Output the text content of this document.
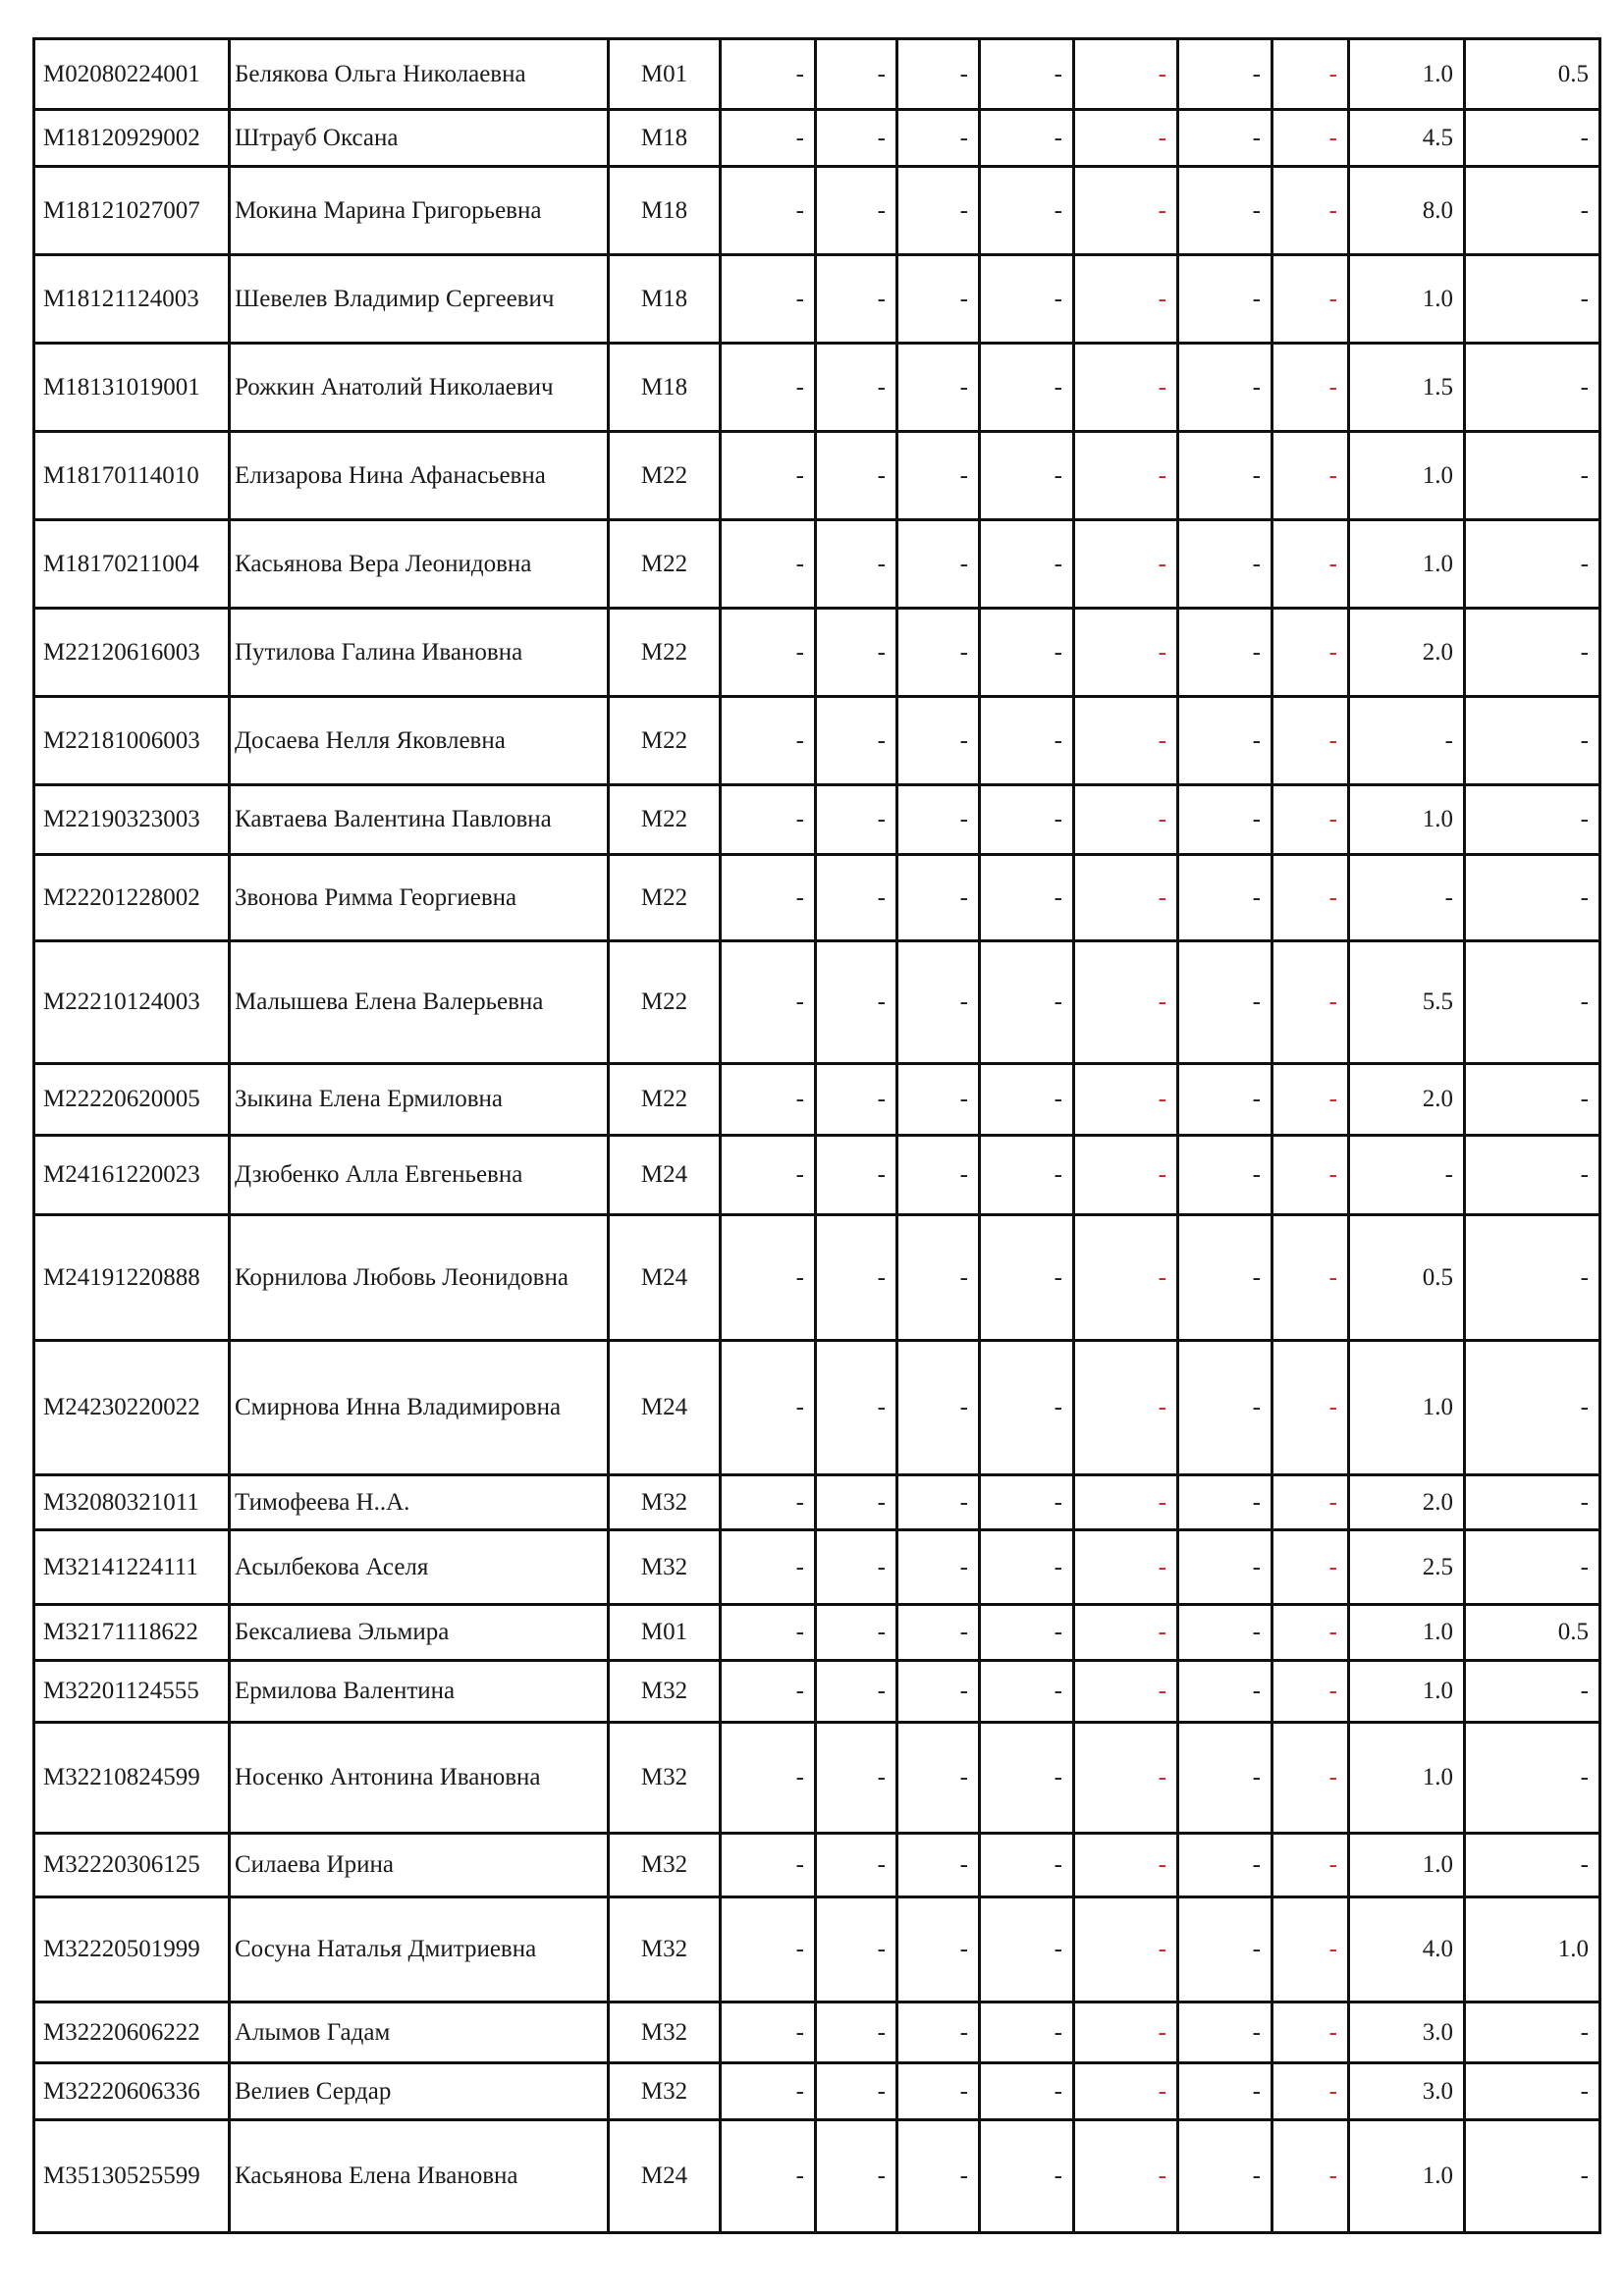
M02080224001	Белякова Ольга Николаевна	M01	-	-	-	-	-	-	-	1.0	0.5
M18120929002	Штрауб Оксана	M18	-	-	-	-	-	-	-	4.5	-
M18121027007	Мокина Марина Григорьевна	M18	-	-	-	-	-	-	-	8.0	-
M18121124003	Шевелев Владимир Сергеевич	M18	-	-	-	-	-	-	-	1.0	-
M18131019001	Рожкин Анатолий Николаевич	M18	-	-	-	-	-	-	-	1.5	-
M18170114010	Елизарова Нина Афанасьевна	M22	-	-	-	-	-	-	-	1.0	-
M18170211004	Касьянова Вера Леонидовна	M22	-	-	-	-	-	-	-	1.0	-
M22120616003	Путилова Галина Ивановна	M22	-	-	-	-	-	-	-	2.0	-
M22181006003	Досаева Нелля Яковлевна	M22	-	-	-	-	-	-	-	-	-
M22190323003	Кавтаева Валентина Павловна	M22	-	-	-	-	-	-	-	1.0	-
M22201228002	Звонова Римма Георгиевна	M22	-	-	-	-	-	-	-	-	-
M22210124003	Малышева Елена Валерьевна	M22	-	-	-	-	-	-	-	5.5	-
M22220620005	Зыкина Елена Ермиловна	M22	-	-	-	-	-	-	-	2.0	-
M24161220023	Дзюбенко Алла Евгеньевна	M24	-	-	-	-	-	-	-	-	-
M24191220888	Корнилова Любовь Леонидовна	M24	-	-	-	-	-	-	-	0.5	-
M24230220022	Смирнова Инна Владимировна	M24	-	-	-	-	-	-	-	1.0	-
M32080321011	Тимофеева Н..А.	M32	-	-	-	-	-	-	-	2.0	-
M32141224111	Асылбекова Аселя	M32	-	-	-	-	-	-	-	2.5	-
M32171118622	Бексалиева Эльмира	M01	-	-	-	-	-	-	-	1.0	0.5
M32201124555	Ермилова Валентина	M32	-	-	-	-	-	-	-	1.0	-
M32210824599	Носенко Антонина Ивановна	M32	-	-	-	-	-	-	-	1.0	-
M32220306125	Силаева Ирина	M32	-	-	-	-	-	-	-	1.0	-
M32220501999	Сосуна Наталья Дмитриевна	M32	-	-	-	-	-	-	-	4.0	1.0
M32220606222	Алымов Гадам	M32	-	-	-	-	-	-	-	3.0	-
M32220606336	Велиев Сердар	M32	-	-	-	-	-	-	-	3.0	-
M35130525599	Касьянова Елена Ивановна	M24	-	-	-	-	-	-	-	1.0	-
